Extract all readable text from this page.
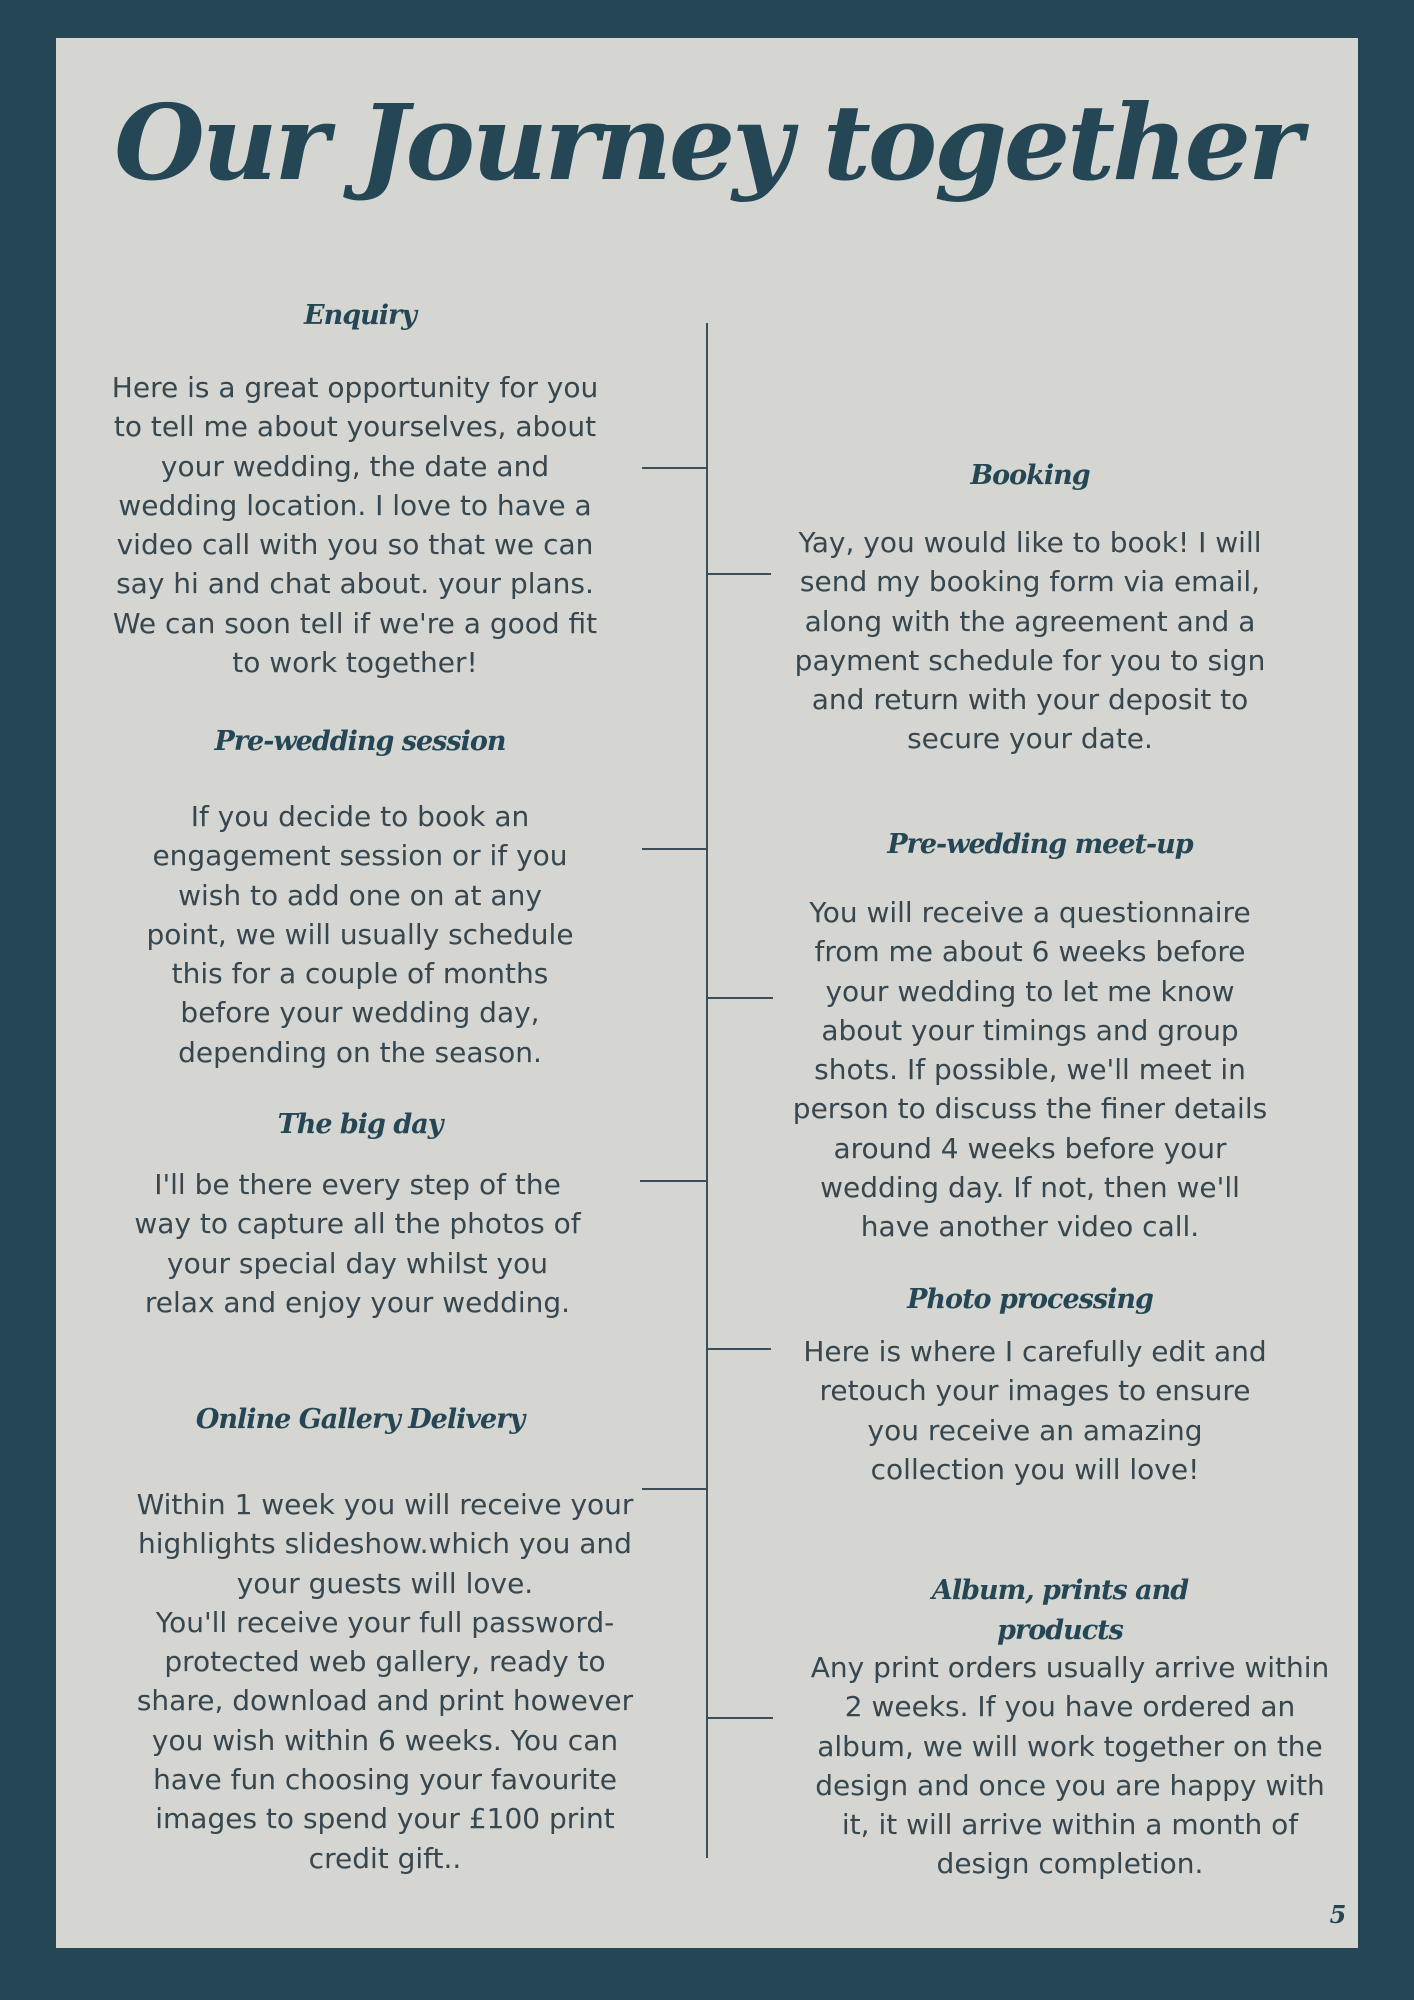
Our Journey together
Enquiry

Here is a great opportunity for you
to tell me about yourselves, about
your wedding, the date and
wedding location. I love to have a
video call with you so that we can
say hi and chat about. your plans.
We can soon tell if we're a good fit
to work together!

Booking

Yay, you would like to book! I will
send my booking form via email,
along with the agreement and a
payment schedule for you to sign
and return with your deposit to
secure your date.

Pre-wedding session

If you decide to book an
engagement session or if you
wish to add one on at any
point, we will usually schedule
this for a couple of months
before your wedding day,
depending on the season.

Pre-wedding meet-up

You will receive a questionnaire
from me about 6 weeks before
your wedding to let me know
about your timings and group
shots. If possible, we'll meet in
person to discuss the finer details
around 4 weeks before your
wedding day. If not, then we'll
have another video call.

The big day

I'll be there every step of the
way to capture all the photos of
your special day whilst you
relax and enjoy your wedding.	Photo processing

Here is where I carefully edit and
retouch your images to ensure
you receive an amazing
collection you will love!

Online Gallery Delivery

Within 1 week you will receive your
highlights slideshow.which you and
your guests will love.
You'll receive your full password-
protected web gallery, ready to
share, download and print however
you wish within 6 weeks. You can
have fun choosing your favourite
images to spend your £100 print
credit gift..

Album, prints and products

Any print orders usually arrive within
2 weeks. If you have ordered an
album, we will work together on the
design and once you are happy with
it, it will arrive within a month of
design completion.

5
